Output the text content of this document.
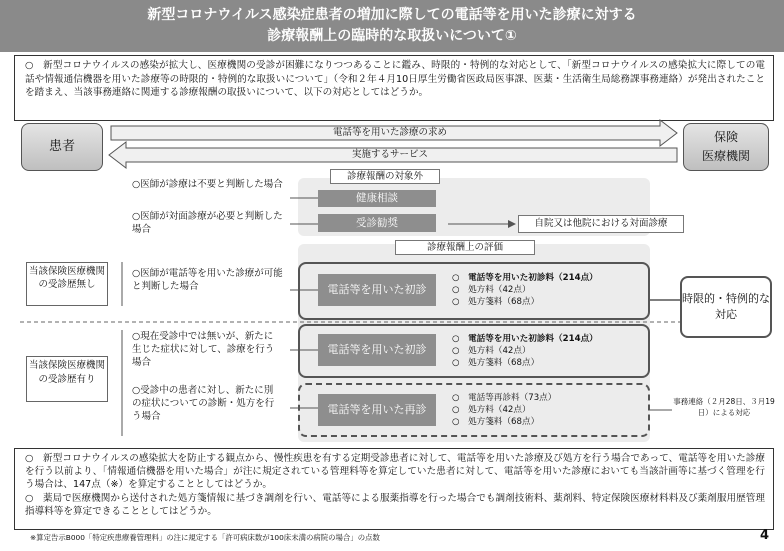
新型コロナウイルス感染症患者の増加に際しての電話等を用いた診療に対する
診療報酬上の臨時的な取扱いについて①
○　新型コロナウイルスの感染が拡大し、医療機関の受診が困難になりつつあることに鑑み、時限的・特例的な対応として、「新型コロナウイルスの感染拡大に際しての電話や情報通信機器を用いた診療等の時限的・特例的な取扱いについて」（令和２年４月10日厚生労働省医政局医事課、医薬・生活衛生局総務課事務連絡）が発出されたことを踏まえ、当該事務連絡に関連する診療報酬の取扱いについて、以下の対応としてはどうか。
患者
保険
医療機関
電話等を用いた診療の求め
実施するサービス
診療報酬の対象外
○医師が診療は不要と判断した場合
○医師が対面診療が必要と判断した場合
健康相談
受診勧奨	自院又は他院における対面診療
診療報酬上の評価
当該保険医療機関の受診歴無し
当該保険医療機関の受診歴有り
○医師が電話等を用いた診療が可能と判断した場合	電話等を用いた初診
○　電話等を用いた初診料（214点）
○　処方料（42点）
○　処方箋料（68点）
○現在受診中では無いが、新たに生じた症状に対して、診療を行う場合
電話等を用いた初診
○　電話等を用いた初診料（214点）
○　処方料（42点）
○　処方箋料（68点）
○受診中の患者に対し、新たに別の症状についての診断・処方を行う場合
電話等を用いた再診
○　電話等再診料（73点）
○　処方料（42点）
○　処方箋料（68点）
時限的・特例的な対応
事務連絡（２月28日、３月19日）による対応
○　新型コロナウイルスの感染拡大を防止する観点から、慢性疾患を有する定期受診患者に対して、電話等を用いた診療及び処方を行う場合であって、電話等を用いた診療を行う以前より、「情報通信機器を用いた場合」が注に規定されている管理料等を算定していた患者に対して、電話等を用いた診療においても当該計画等に基づく管理を行う場合は、147点（※）を算定することとしてはどうか。
○　薬局で医療機関から送付された処方箋情報に基づき調剤を行い、電話等による服薬指導を行った場合でも調剤技術料、薬剤料、特定保険医療材料料及び薬剤服用歴管理指導料等を算定できることとしてはどうか。
※算定告示B000「特定疾患療養管理料」の注に規定する「許可病床数が100床未満の病院の場合」の点数	4
